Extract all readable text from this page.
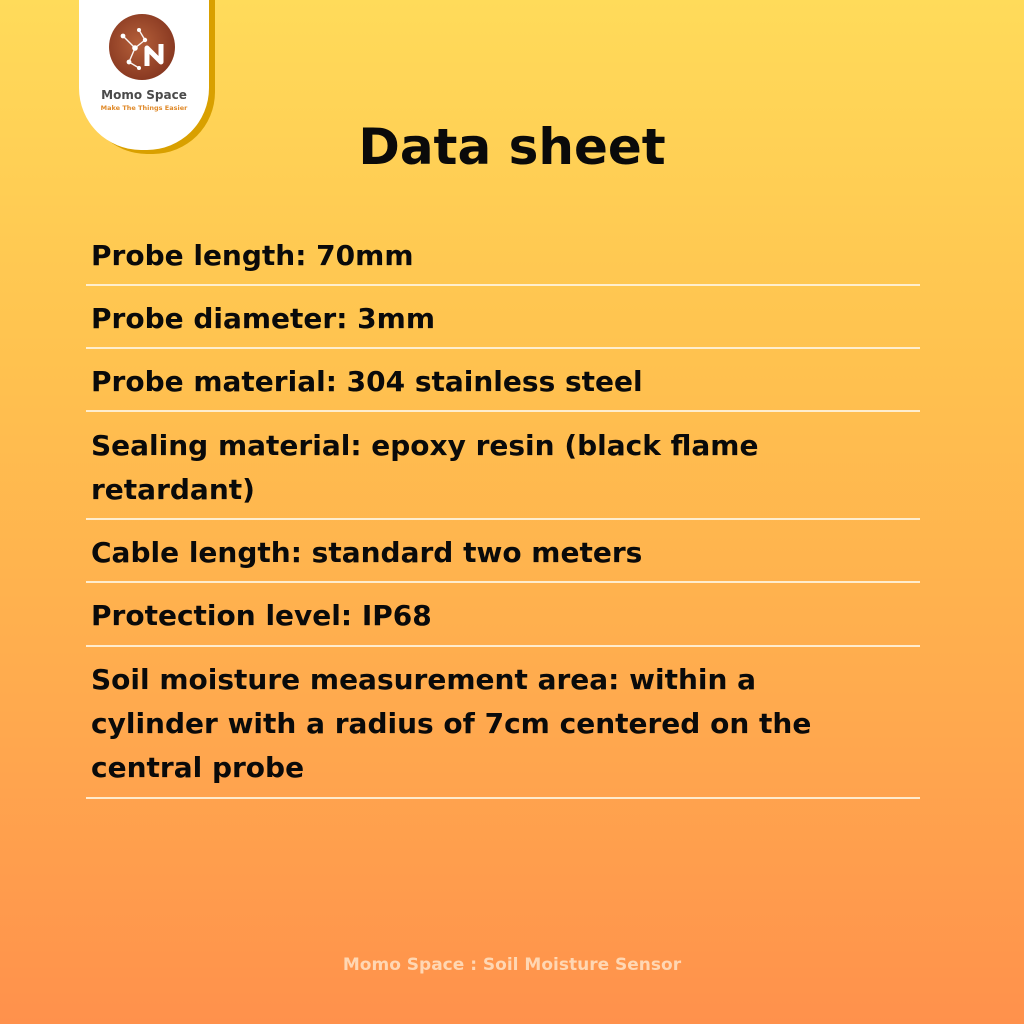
Momo Space
Make The Things Easier
Data sheet
Probe length: 70mm
Probe diameter: 3mm
Probe material: 304 stainless steel
Sealing material: epoxy resin (black flame retardant)
Cable length: standard two meters
Protection level: IP68
Soil moisture measurement area: within a cylinder with a radius of 7cm centered on the central probe
Momo Space : Soil Moisture Sensor
